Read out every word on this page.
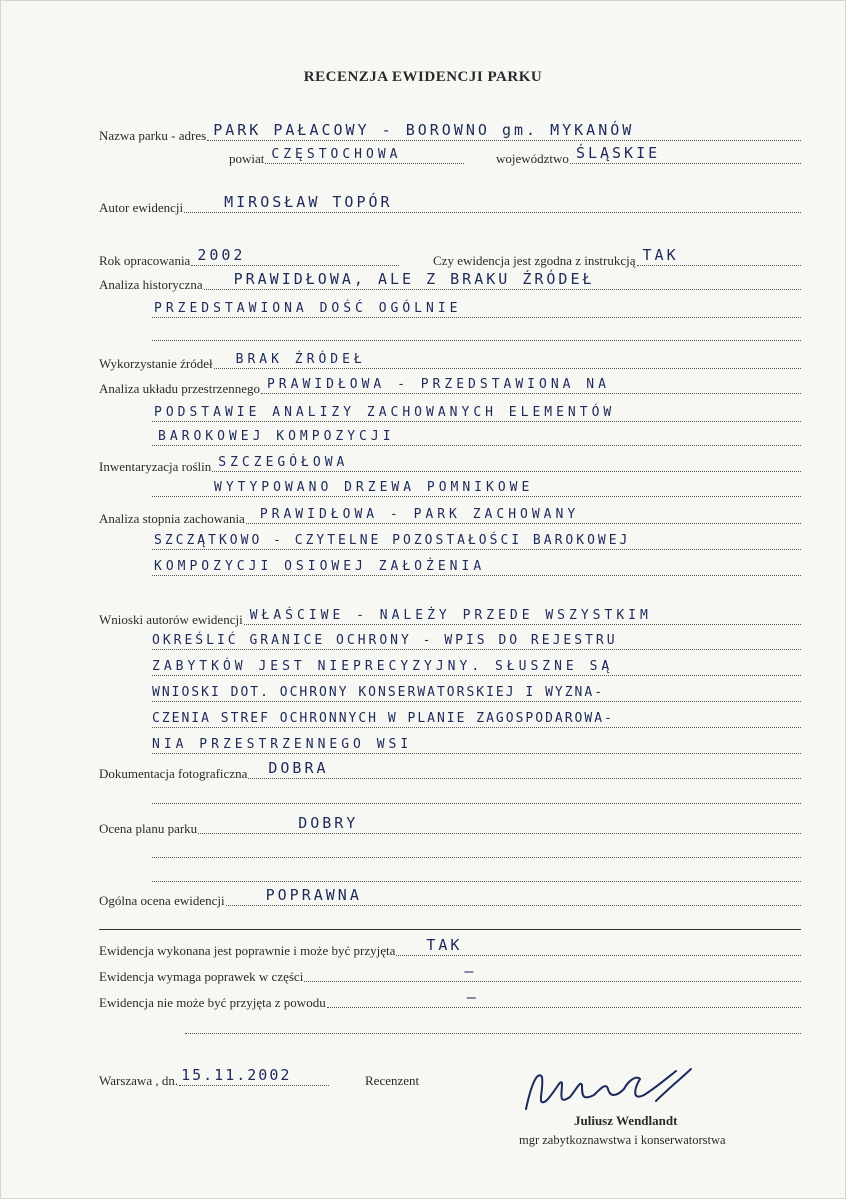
RECENZJA EWIDENCJI PARKU
Nazwa parku - adres PARK PAŁACOWY - BOROWNO gm. MYKANÓW
powiat CZĘSTOCHOWA	województwo ŚLĄSKIE
Autor ewidencji	MIROSŁAW TOPÓR
Rok opracowania 2002	Czy ewidencja jest zgodna z instrukcją TAK
Analiza historyczna PRAWIDŁOWA, ALE Z BRAKU ŹRÓDEŁ
PRZEDSTAWIONA DOŚĆ OGÓLNIE
Wykorzystanie źródeł BRAK ŹRÓDEŁ
Analiza układu przestrzennego PRAWIDŁOWA - PRZEDSTAWIONA NA
PODSTAWIE ANALIZY ZACHOWANYCH ELEMENTÓW
BAROKOWEJ KOMPOZYCJI
Inwentaryzacja roślin SZCZEGÓŁOWA
WYTYPOWANO DRZEWA POMNIKOWE
Analiza stopnia zachowania PRAWIDŁOWA - PARK ZACHOWANY
SZCZĄTKOWO - CZYTELNE POZOSTAŁOŚCI BAROKOWEJ
KOMPOZYCJI OSIOWEJ ZAŁOŻENIA
Wnioski autorów ewidencji WŁAŚCIWE - NALEŻY PRZEDE WSZYSTKIM
OKREŚLIĆ GRANICE OCHRONY - WPIS DO REJESTRU
ZABYTKÓW JEST NIEPRECYZYJNY. SŁUSZNE SĄ
WNIOSKI DOT. OCHRONY KONSERWATORSKIEJ I WYZNA-
CZENIA STREF OCHRONNYCH W PLANIE ZAGOSPODAROWA-
NIA PRZESTRZENNEGO WSI
Dokumentacja fotograficzna DOBRA
Ocena planu parku	DOBRY
Ogólna ocena ewidencji	POPRAWNA
Ewidencja wykonana jest poprawnie i może być przyjęta TAK
Ewidencja wymaga poprawek w części	—
Ewidencja nie może być przyjęta z powodu	—
Warszawa , dn. 15.11.2002	Recenzent
Juliusz Wendlandt
mgr zabytkoznawstwa i konserwatorstwa
